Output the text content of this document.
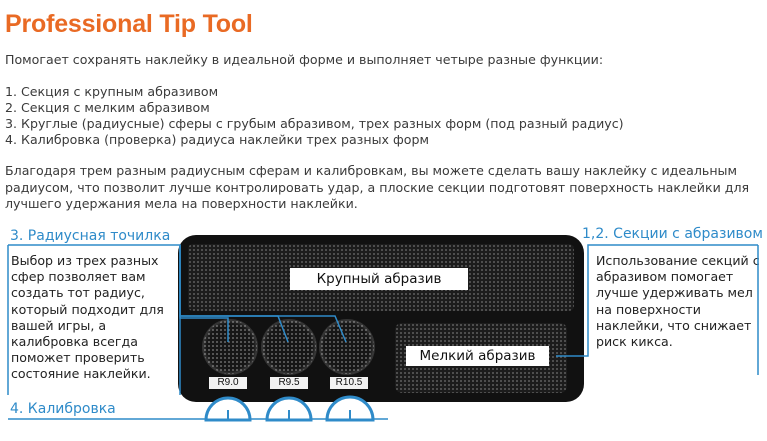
Professional Tip Tool

Помогает сохранять наклейку в идеальной форме и выполняет четыре разные функции:

1. Секция с крупным абразивом

2. Секция с мелким абразивом

3. Круглые (радиусные) сферы с грубым абразивом, трех разных форм (под разный радиус)

4. Калибровка (проверка) радиуса наклейки трех разных форм

Благодаря трем разным радиусным сферам и калибровкам, вы можете сделать вашу наклейку с идеальным
радиусом, что позволит лучше контролировать удар, а плоские секции подготовят поверхность наклейки для
лучшего удержания мела на поверхности наклейки.

3. Радиусная точилка
Выбор из трех разных
сфер позволяет вам
создать тот радиус,
который подходит для
вашей игры, а
калибровка всегда
поможет проверить
состояние наклейки.
1,2. Секции с абразивом
Использование секций с
абразивом помогает
лучше удерживать мел
на поверхности
наклейки, что снижает
риск кикса.
4. Калибровка
Крупный абразив
Мелкий абразив
R9.0	R9.5	R10.5
